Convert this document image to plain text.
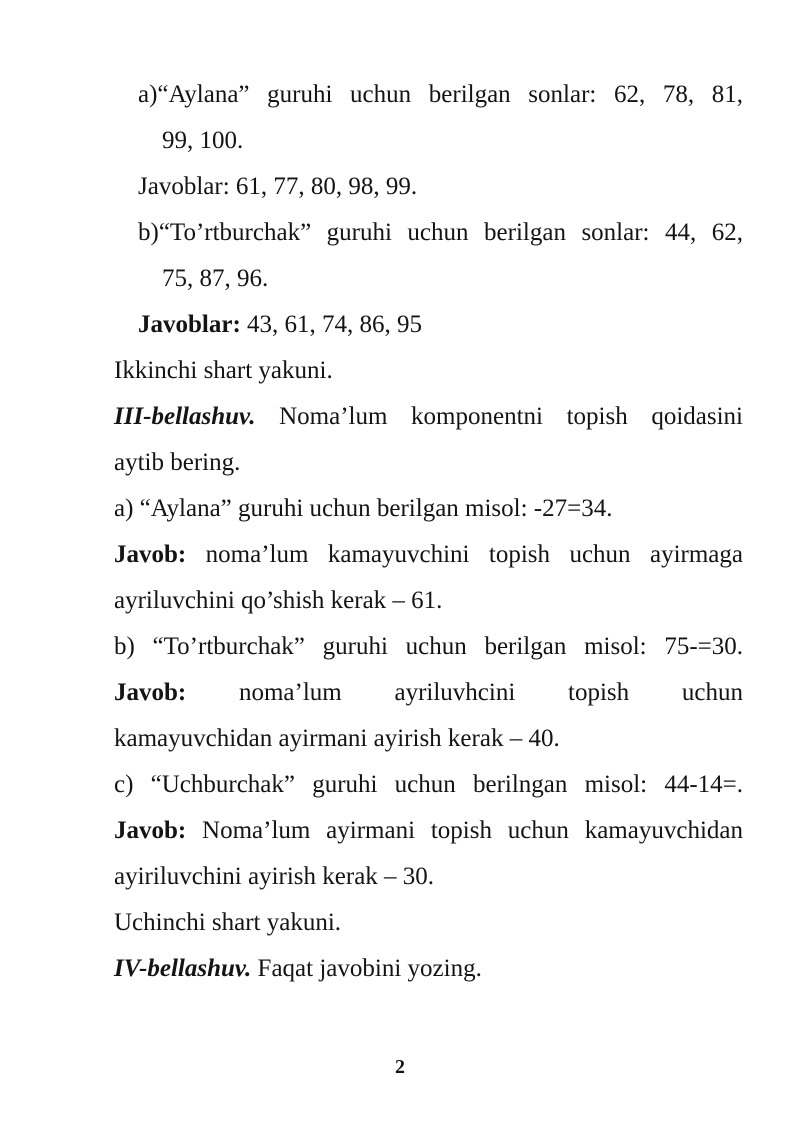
a)“Aylana” guruhi uchun berilgan sonlar: 62, 78, 81,
99, 100.
Javoblar: 61, 77, 80, 98, 99.
b)“To’rtburchak” guruhi uchun berilgan sonlar: 44, 62,
75, 87, 96.
Javoblar: 43, 61, 74, 86, 95
Ikkinchi shart yakuni.
III-bellashuv. Noma’lum komponentni topish qoidasini
aytib bering.
a) “Aylana” guruhi uchun berilgan misol: -27=34.
Javob: noma’lum kamayuvchini topish uchun ayirmaga
ayriluvchini qo’shish kerak – 61.
b) “To’rtburchak” guruhi uchun berilgan misol: 75-=30.
Javob: noma’lum ayriluvhcini topish uchun
kamayuvchidan ayirmani ayirish kerak – 40.
c) “Uchburchak” guruhi uchun berilngan misol: 44-14=.
Javob: Noma’lum ayirmani topish uchun kamayuvchidan
ayiriluvchini ayirish kerak – 30.
Uchinchi shart yakuni.
IV-bellashuv. Faqat javobini yozing.
2
